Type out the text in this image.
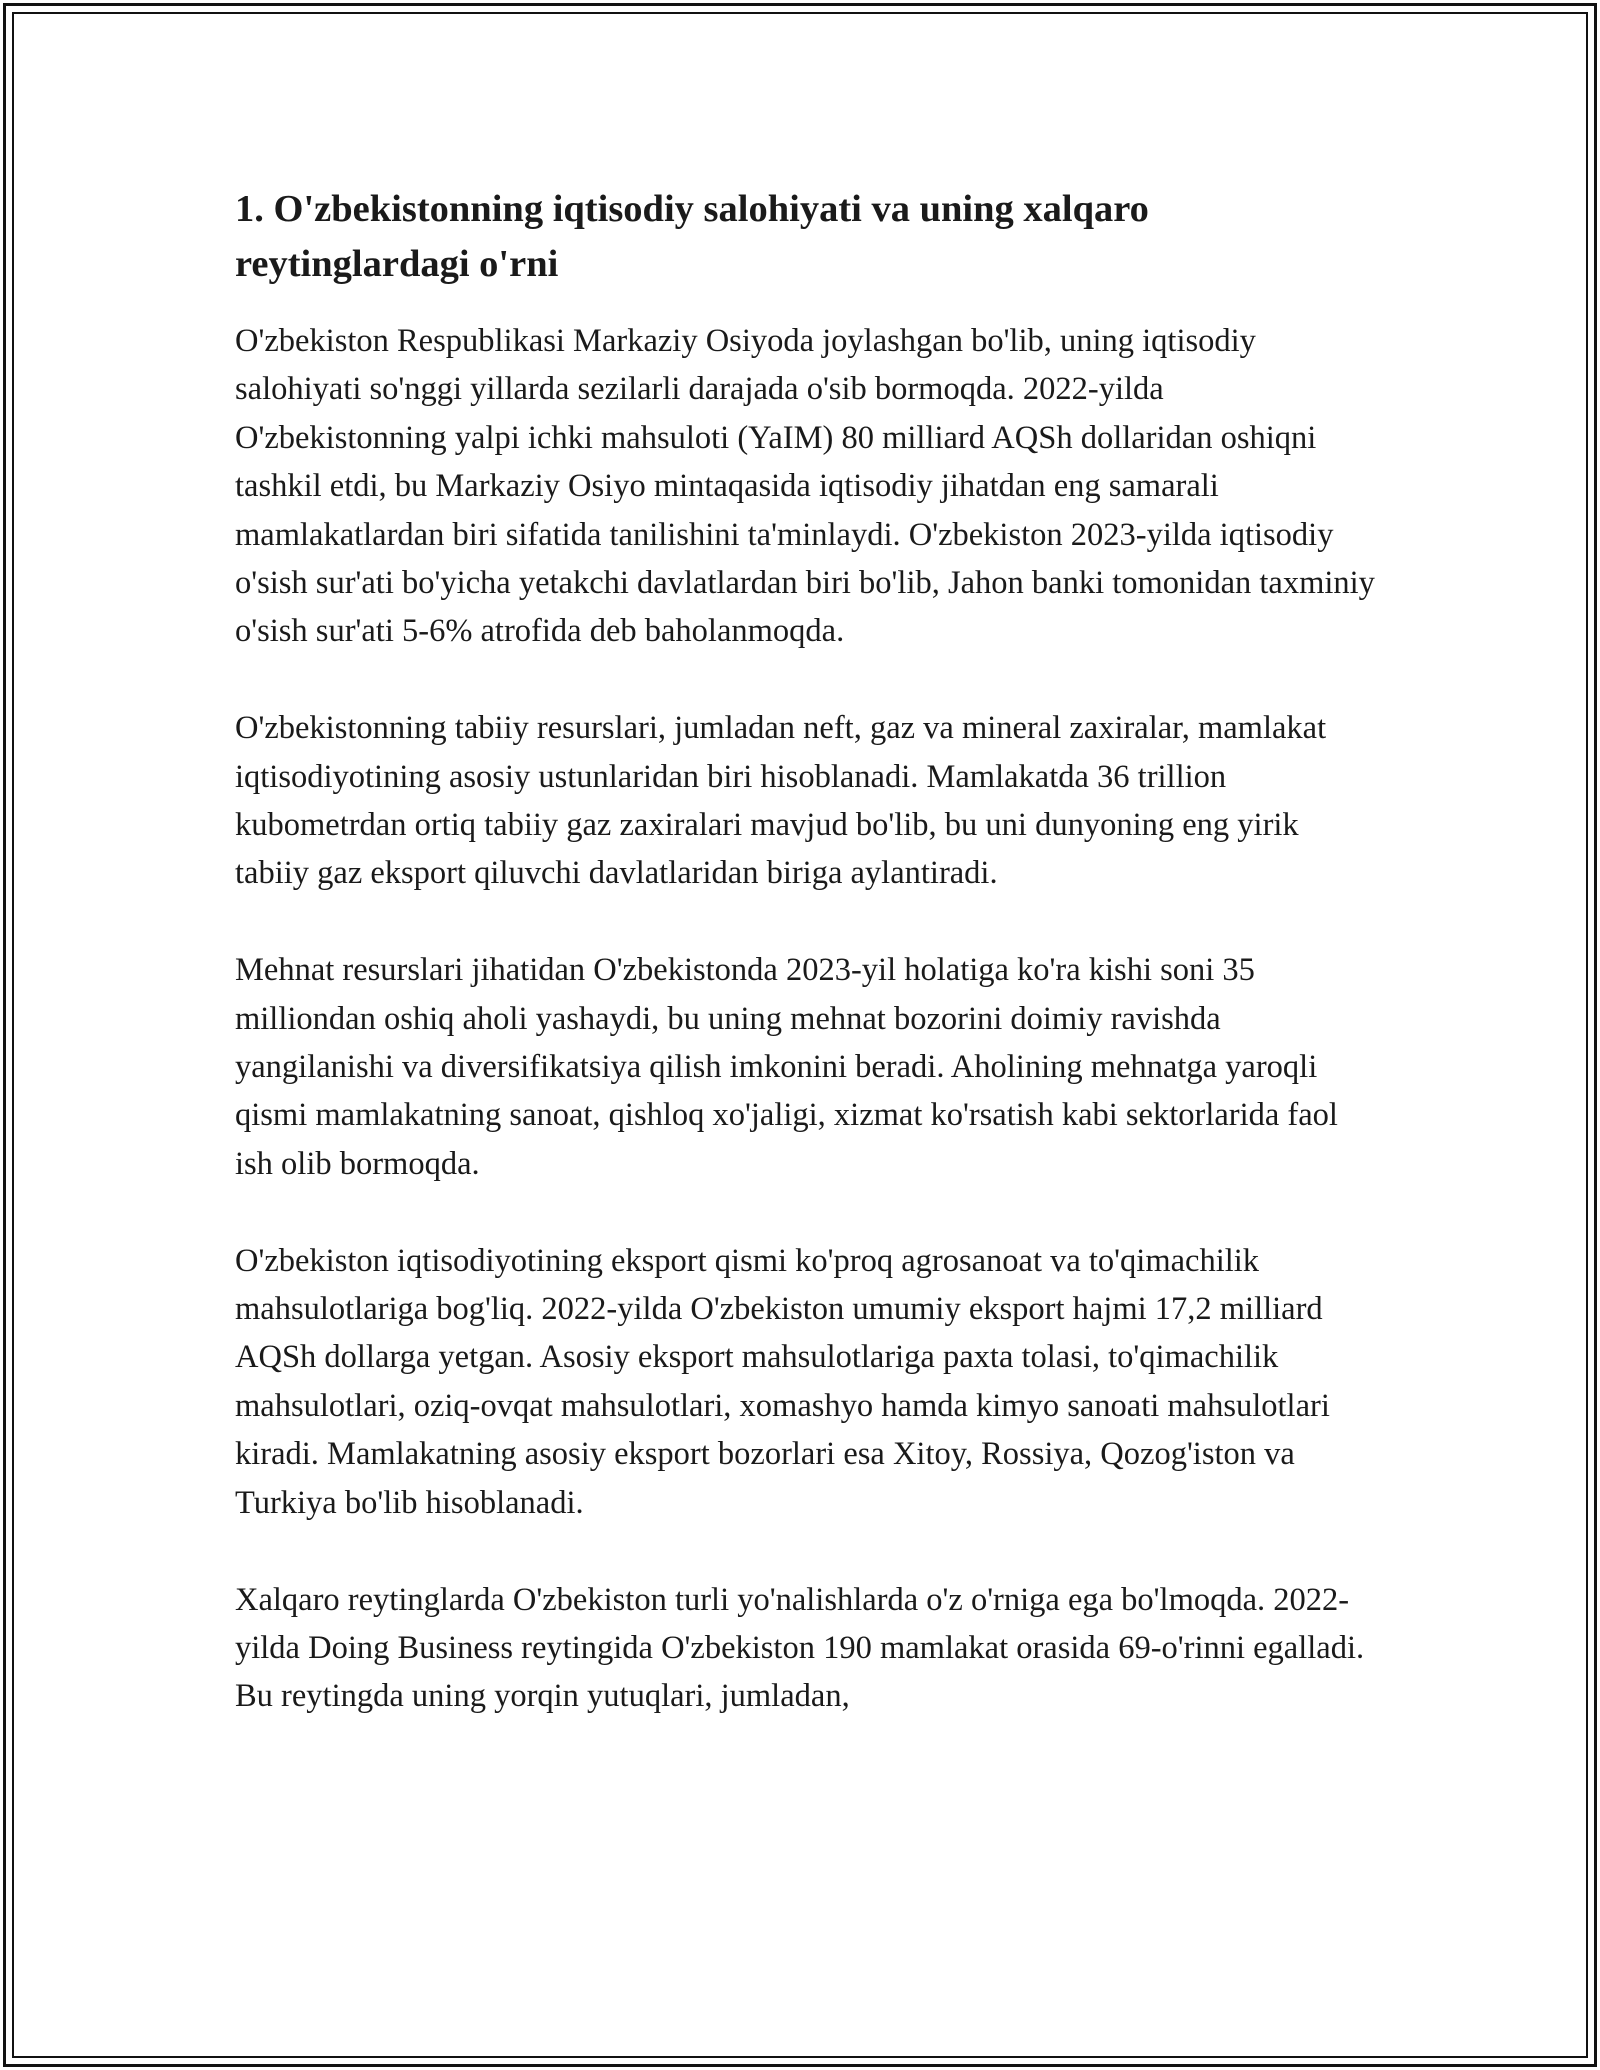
1. O'zbekistonning iqtisodiy salohiyati va uning xalqaro reytinglardagi o'rni

O'zbekiston Respublikasi Markaziy Osiyoda joylashgan bo'lib, uning iqtisodiy salohiyati so'nggi yillarda sezilarli darajada o'sib bormoqda. 2022-yilda O'zbekistonning yalpi ichki mahsuloti (YaIM) 80 milliard AQSh dollaridan oshiqni tashkil etdi, bu Markaziy Osiyo mintaqasida iqtisodiy jihatdan eng samarali mamlakatlardan biri sifatida tanilishini ta'minlaydi. O'zbekiston 2023-yilda iqtisodiy o'sish sur'ati bo'yicha yetakchi davlatlardan biri bo'lib, Jahon banki tomonidan taxminiy o'sish sur'ati 5-6% atrofida deb baholanmoqda.

O'zbekistonning tabiiy resurslari, jumladan neft, gaz va mineral zaxiralar, mamlakat iqtisodiyotining asosiy ustunlaridan biri hisoblanadi. Mamlakatda 36 trillion kubometrdan ortiq tabiiy gaz zaxiralari mavjud bo'lib, bu uni dunyoning eng yirik tabiiy gaz eksport qiluvchi davlatlaridan biriga aylantiradi.

Mehnat resurslari jihatidan O'zbekistonda 2023-yil holatiga ko'ra kishi soni 35 milliondan oshiq aholi yashaydi, bu uning mehnat bozorini doimiy ravishda yangilanishi va diversifikatsiya qilish imkonini beradi. Aholining mehnatga yaroqli qismi mamlakatning sanoat, qishloq xo'jaligi, xizmat ko'rsatish kabi sektorlarida faol ish olib bormoqda.

O'zbekiston iqtisodiyotining eksport qismi ko'proq agrosanoat va to'qimachilik mahsulotlariga bog'liq. 2022-yilda O'zbekiston umumiy eksport hajmi 17,2 milliard AQSh dollarga yetgan. Asosiy eksport mahsulotlariga paxta tolasi, to'qimachilik mahsulotlari, oziq-ovqat mahsulotlari, xomashyo hamda kimyo sanoati mahsulotlari kiradi. Mamlakatning asosiy eksport bozorlari esa Xitoy, Rossiya, Qozog'iston va Turkiya bo'lib hisoblanadi.

Xalqaro reytinglarda O'zbekiston turli yo'nalishlarda o'z o'rniga ega bo'lmoqda. 2022-yilda Doing Business reytingida O'zbekiston 190 mamlakat orasida 69-o'rinni egalladi. Bu reytingda uning yorqin yutuqlari, jumladan,
